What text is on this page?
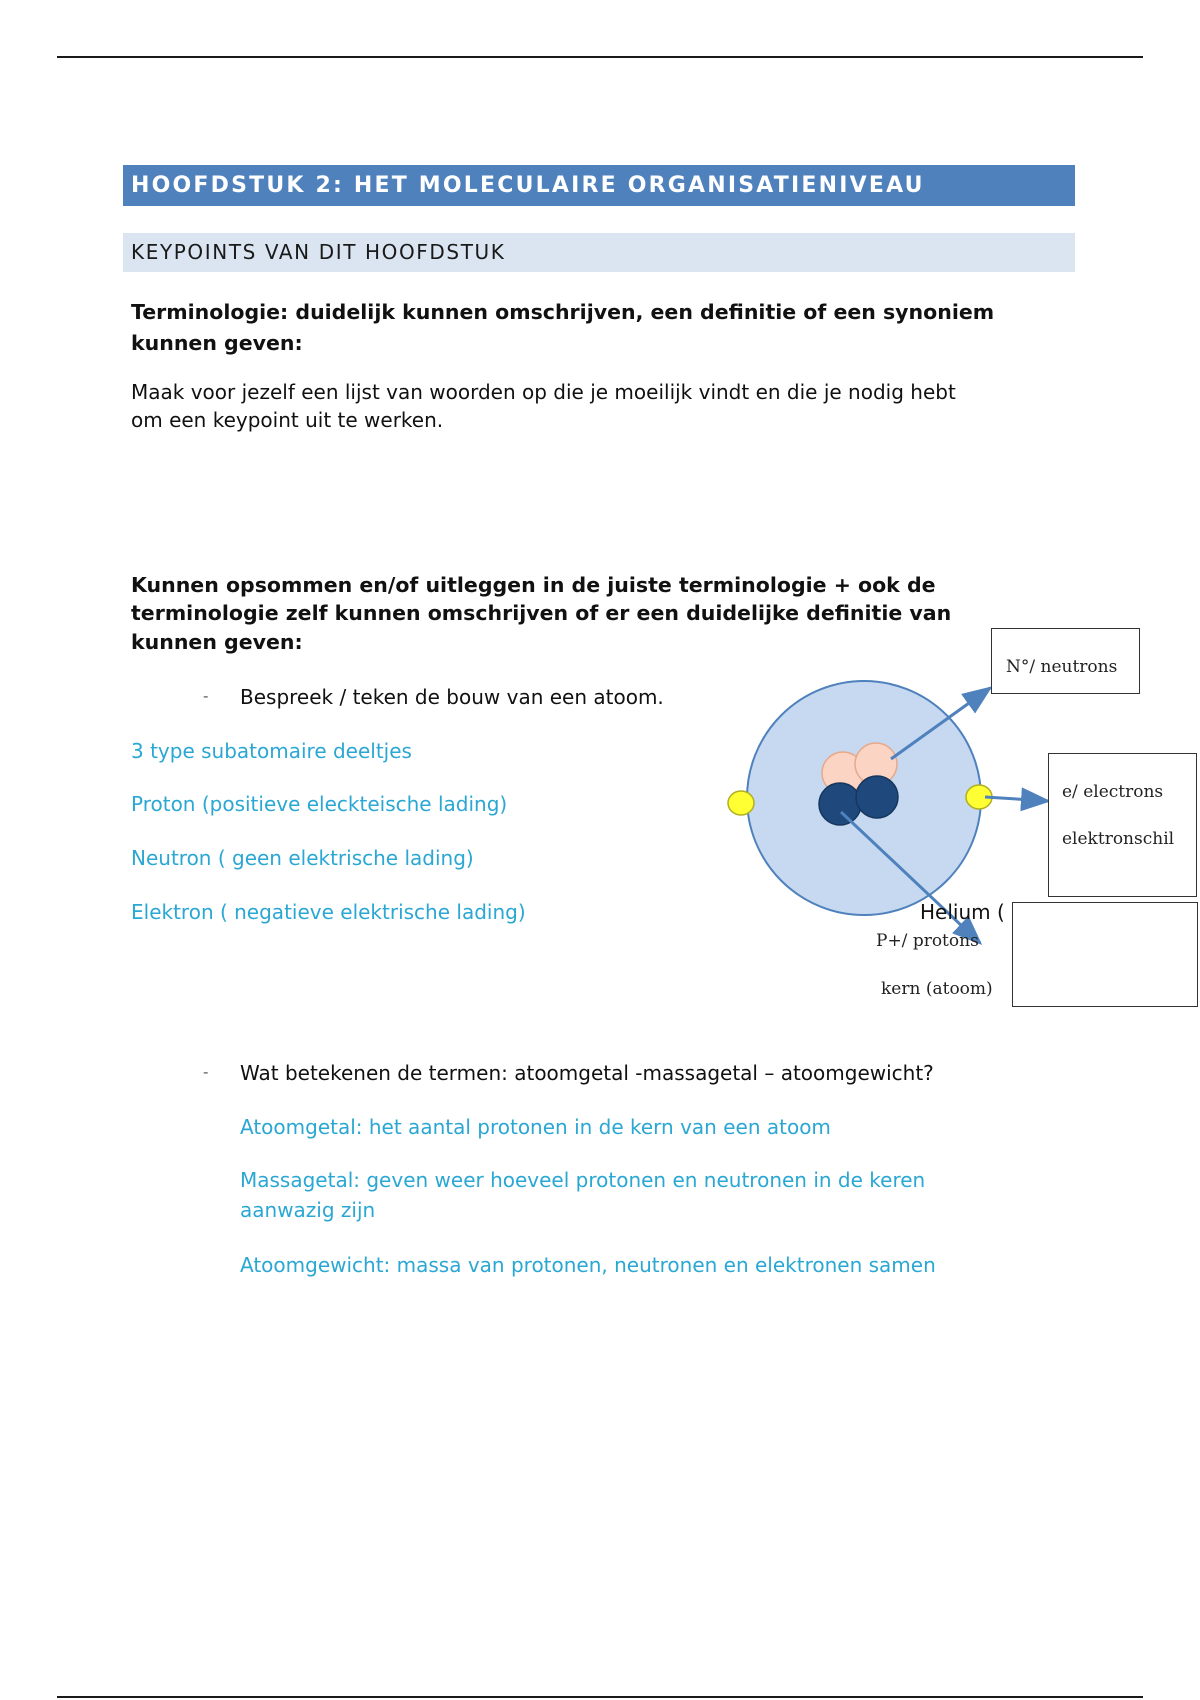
HOOFDSTUK 2: HET MOLECULAIRE ORGANISATIENIVEAU
KEYPOINTS VAN DIT HOOFDSTUK
Terminologie: duidelijk kunnen omschrijven, een definitie of een synoniem
kunnen geven:
Maak voor jezelf een lijst van woorden op die je moeilijk vindt en die je nodig hebt
om een keypoint uit te werken.
Kunnen opsommen en/of uitleggen in de juiste terminologie + ook de
terminologie zelf kunnen omschrijven of er een duidelijke definitie van
kunnen geven:
- Bespreek / teken de bouw van een atoom.
3 type subatomaire deeltjes
Proton (positieve eleckteische lading)
Neutron ( geen elektrische lading)
Elektron ( negatieve elektrische lading)
N°/ neutrons
e/ electrons
elektronschil
Helium (
P+/ protons
kern (atoom)
- Wat betekenen de termen: atoomgetal -massagetal – atoomgewicht?
Atoomgetal: het aantal protonen in de kern van een atoom
Massagetal: geven weer hoeveel protonen en neutronen in de keren
aanwazig zijn
Atoomgewicht: massa van protonen, neutronen en elektronen samen
